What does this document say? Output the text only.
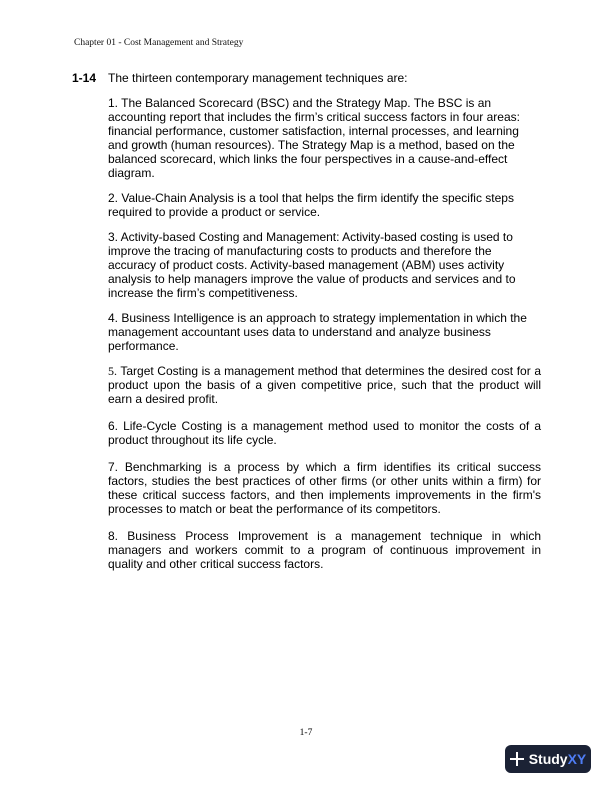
Chapter 01 - Cost Management and Strategy
1-14 The thirteen contemporary management techniques are:

1. The Balanced Scorecard (BSC) and the Strategy Map. The BSC is an accounting report that includes the firm’s critical success factors in four areas: financial performance, customer satisfaction, internal processes, and learning and growth (human resources). The Strategy Map is a method, based on the balanced scorecard, which links the four perspectives in a cause-and-effect diagram.

2. Value-Chain Analysis is a tool that helps the firm identify the specific steps required to provide a product or service.

3. Activity-based Costing and Management: Activity-based costing is used to improve the tracing of manufacturing costs to products and therefore the accuracy of product costs. Activity-based management (ABM) uses activity analysis to help managers improve the value of products and services and to increase the firm’s competitiveness.

4. Business Intelligence is an approach to strategy implementation in which the management accountant uses data to understand and analyze business performance.

5. Target Costing is a management method that determines the desired cost for a product upon the basis of a given competitive price, such that the product will earn a desired profit.

6. Life-Cycle Costing is a management method used to monitor the costs of a product throughout its life cycle.

7. Benchmarking is a process by which a firm identifies its critical success factors, studies the best practices of other firms (or other units within a firm) for these critical success factors, and then implements improvements in the firm's processes to match or beat the performance of its competitors.

8. Business Process Improvement is a management technique in which managers and workers commit to a program of continuous improvement in quality and other critical success factors.

1-7
StudyXY
